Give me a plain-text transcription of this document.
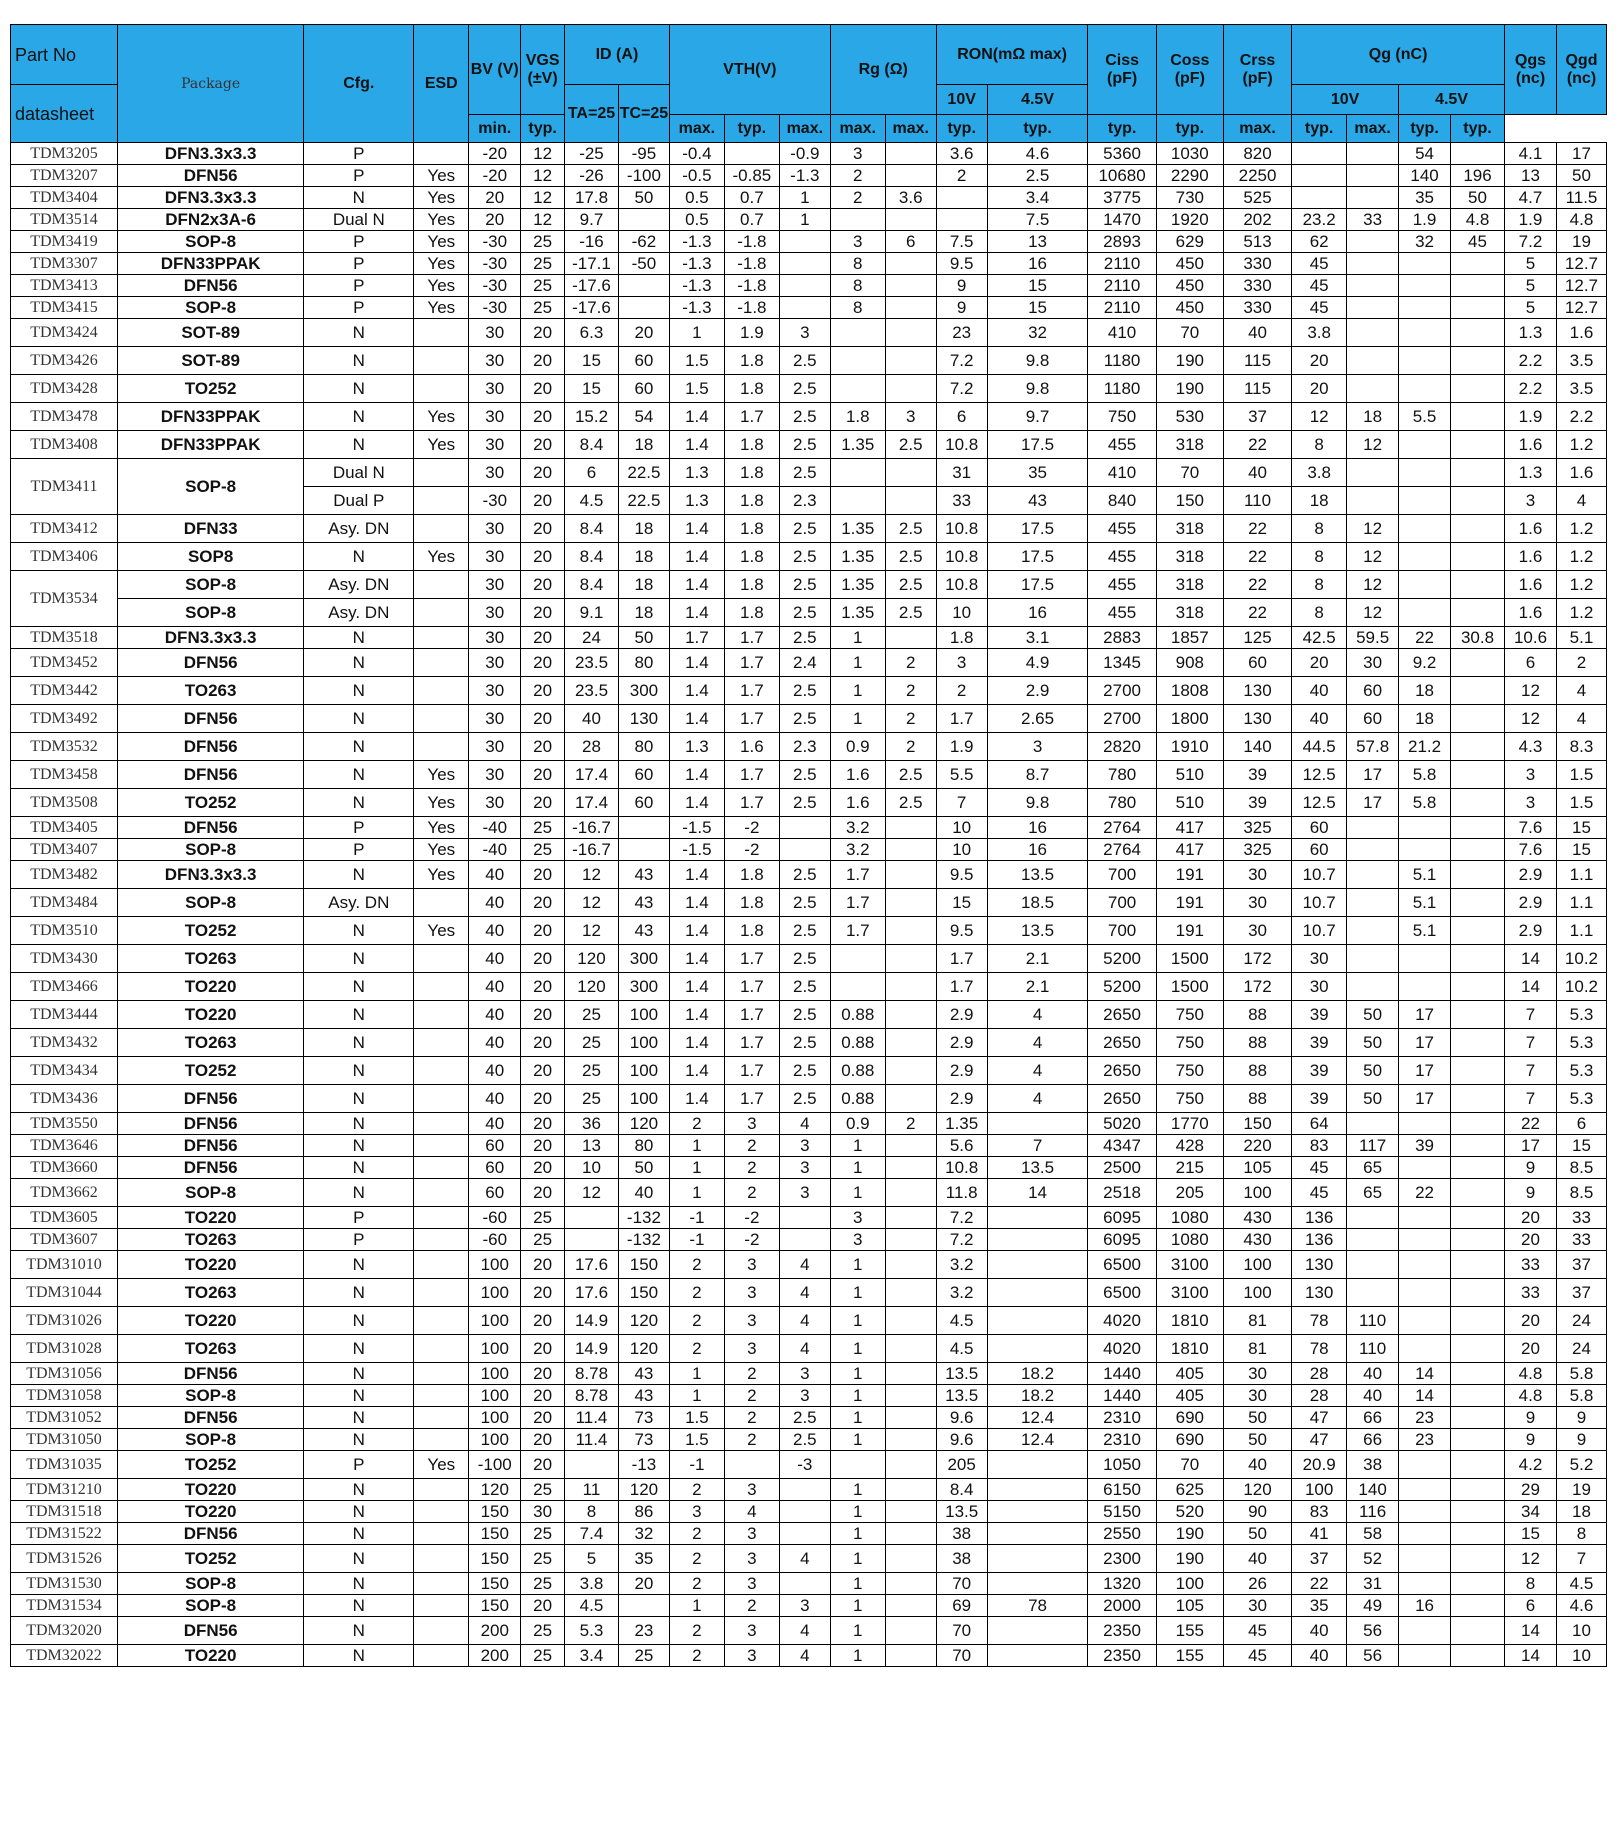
Part No	Package	Cfg.	ESD	BV (V)	VGS (±V)	ID (A)		VTH(V)			Rg (Ω)		RON(mΩ max)		Ciss (pF)	Coss (pF)	Crss (pF)	Qg (nC)				Qgs (nc)	Qgd (nc)
datasheet						TA=25	TC=25						10V	4.5V				10V		4.5V			
				min.	typ.			max.	typ.	max.	max.	max.	typ.	typ.	typ.	typ.	max.	typ.	max.	typ.	typ.		
TDM3205	DFN3.3x3.3	P		-20	12	-25	-95	-0.4		-0.9	3		3.6	4.6	5360	1030	820			54		4.1	17
TDM3207	DFN56	P	Yes	-20	12	-26	-100	-0.5	-0.85	-1.3	2		2	2.5	10680	2290	2250			140	196	13	50
TDM3404	DFN3.3x3.3	N	Yes	20	12	17.8	50	0.5	0.7	1	2	3.6		3.4	3775	730	525			35	50	4.7	11.5
TDM3514	DFN2x3A-6	Dual N	Yes	20	12	9.7		0.5	0.7	1				7.5	1470	1920	202	23.2	33	1.9	4.8	1.9	4.8
TDM3419	SOP-8	P	Yes	-30	25	-16	-62	-1.3	-1.8		3	6	7.5	13	2893	629	513	62		32	45	7.2	19
TDM3307	DFN33PPAK	P	Yes	-30	25	-17.1	-50	-1.3	-1.8		8		9.5	16	2110	450	330	45				5	12.7
TDM3413	DFN56	P	Yes	-30	25	-17.6		-1.3	-1.8		8		9	15	2110	450	330	45				5	12.7
TDM3415	SOP-8	P	Yes	-30	25	-17.6		-1.3	-1.8		8		9	15	2110	450	330	45				5	12.7
TDM3424	SOT-89	N		30	20	6.3	20	1	1.9	3			23	32	410	70	40	3.8				1.3	1.6
TDM3426	SOT-89	N		30	20	15	60	1.5	1.8	2.5			7.2	9.8	1180	190	115	20				2.2	3.5
TDM3428	TO252	N		30	20	15	60	1.5	1.8	2.5			7.2	9.8	1180	190	115	20				2.2	3.5
TDM3478	DFN33PPAK	N	Yes	30	20	15.2	54	1.4	1.7	2.5	1.8	3	6	9.7	750	530	37	12	18	5.5		1.9	2.2
TDM3408	DFN33PPAK	N	Yes	30	20	8.4	18	1.4	1.8	2.5	1.35	2.5	10.8	17.5	455	318	22	8	12			1.6	1.2
TDM3411	SOP-8	Dual N		30	20	6	22.5	1.3	1.8	2.5			31	35	410	70	40	3.8				1.3	1.6
		Dual P		-30	20	4.5	22.5	1.3	1.8	2.3			33	43	840	150	110	18				3	4
TDM3412	DFN33	Asy. DN		30	20	8.4	18	1.4	1.8	2.5	1.35	2.5	10.8	17.5	455	318	22	8	12			1.6	1.2
TDM3406	SOP8	N	Yes	30	20	8.4	18	1.4	1.8	2.5	1.35	2.5	10.8	17.5	455	318	22	8	12			1.6	1.2
TDM3534	SOP-8	Asy. DN		30	20	8.4	18	1.4	1.8	2.5	1.35	2.5	10.8	17.5	455	318	22	8	12			1.6	1.2
	SOP-8	Asy. DN		30	20	9.1	18	1.4	1.8	2.5	1.35	2.5	10	16	455	318	22	8	12			1.6	1.2
TDM3518	DFN3.3x3.3	N		30	20	24	50	1.7	1.7	2.5	1		1.8	3.1	2883	1857	125	42.5	59.5	22	30.8	10.6	5.1
TDM3452	DFN56	N		30	20	23.5	80	1.4	1.7	2.4	1	2	3	4.9	1345	908	60	20	30	9.2		6	2
TDM3442	TO263	N		30	20	23.5	300	1.4	1.7	2.5	1	2	2	2.9	2700	1808	130	40	60	18		12	4
TDM3492	DFN56	N		30	20	40	130	1.4	1.7	2.5	1	2	1.7	2.65	2700	1800	130	40	60	18		12	4
TDM3532	DFN56	N		30	20	28	80	1.3	1.6	2.3	0.9	2	1.9	3	2820	1910	140	44.5	57.8	21.2		4.3	8.3
TDM3458	DFN56	N	Yes	30	20	17.4	60	1.4	1.7	2.5	1.6	2.5	5.5	8.7	780	510	39	12.5	17	5.8		3	1.5
TDM3508	TO252	N	Yes	30	20	17.4	60	1.4	1.7	2.5	1.6	2.5	7	9.8	780	510	39	12.5	17	5.8		3	1.5
TDM3405	DFN56	P	Yes	-40	25	-16.7		-1.5	-2		3.2		10	16	2764	417	325	60				7.6	15
TDM3407	SOP-8	P	Yes	-40	25	-16.7		-1.5	-2		3.2		10	16	2764	417	325	60				7.6	15
TDM3482	DFN3.3x3.3	N	Yes	40	20	12	43	1.4	1.8	2.5	1.7		9.5	13.5	700	191	30	10.7		5.1		2.9	1.1
TDM3484	SOP-8	Asy. DN		40	20	12	43	1.4	1.8	2.5	1.7		15	18.5	700	191	30	10.7		5.1		2.9	1.1
TDM3510	TO252	N	Yes	40	20	12	43	1.4	1.8	2.5	1.7		9.5	13.5	700	191	30	10.7		5.1		2.9	1.1
TDM3430	TO263	N		40	20	120	300	1.4	1.7	2.5			1.7	2.1	5200	1500	172	30				14	10.2
TDM3466	TO220	N		40	20	120	300	1.4	1.7	2.5			1.7	2.1	5200	1500	172	30				14	10.2
TDM3444	TO220	N		40	20	25	100	1.4	1.7	2.5	0.88		2.9	4	2650	750	88	39	50	17		7	5.3
TDM3432	TO263	N		40	20	25	100	1.4	1.7	2.5	0.88		2.9	4	2650	750	88	39	50	17		7	5.3
TDM3434	TO252	N		40	20	25	100	1.4	1.7	2.5	0.88		2.9	4	2650	750	88	39	50	17		7	5.3
TDM3436	DFN56	N		40	20	25	100	1.4	1.7	2.5	0.88		2.9	4	2650	750	88	39	50	17		7	5.3
TDM3550	DFN56	N		40	20	36	120	2	3	4	0.9	2	1.35		5020	1770	150	64				22	6
TDM3646	DFN56	N		60	20	13	80	1	2	3	1		5.6	7	4347	428	220	83	117	39		17	15
TDM3660	DFN56	N		60	20	10	50	1	2	3	1		10.8	13.5	2500	215	105	45	65			9	8.5
TDM3662	SOP-8	N		60	20	12	40	1	2	3	1		11.8	14	2518	205	100	45	65	22		9	8.5
TDM3605	TO220	P		-60	25		-132	-1	-2		3		7.2		6095	1080	430	136				20	33
TDM3607	TO263	P		-60	25		-132	-1	-2		3		7.2		6095	1080	430	136				20	33
TDM31010	TO220	N		100	20	17.6	150	2	3	4	1		3.2		6500	3100	100	130				33	37
TDM31044	TO263	N		100	20	17.6	150	2	3	4	1		3.2		6500	3100	100	130				33	37
TDM31026	TO220	N		100	20	14.9	120	2	3	4	1		4.5		4020	1810	81	78	110			20	24
TDM31028	TO263	N		100	20	14.9	120	2	3	4	1		4.5		4020	1810	81	78	110			20	24
TDM31056	DFN56	N		100	20	8.78	43	1	2	3	1		13.5	18.2	1440	405	30	28	40	14		4.8	5.8
TDM31058	SOP-8	N		100	20	8.78	43	1	2	3	1		13.5	18.2	1440	405	30	28	40	14		4.8	5.8
TDM31052	DFN56	N		100	20	11.4	73	1.5	2	2.5	1		9.6	12.4	2310	690	50	47	66	23		9	9
TDM31050	SOP-8	N		100	20	11.4	73	1.5	2	2.5	1		9.6	12.4	2310	690	50	47	66	23		9	9
TDM31035	TO252	P	Yes	-100	20		-13	-1		-3			205		1050	70	40	20.9	38			4.2	5.2
TDM31210	TO220	N		120	25	11	120	2	3		1		8.4		6150	625	120	100	140			29	19
TDM31518	TO220	N		150	30	8	86	3	4		1		13.5		5150	520	90	83	116			34	18
TDM31522	DFN56	N		150	25	7.4	32	2	3		1		38		2550	190	50	41	58			15	8
TDM31526	TO252	N		150	25	5	35	2	3	4	1		38		2300	190	40	37	52			12	7
TDM31530	SOP-8	N		150	25	3.8	20	2	3		1		70		1320	100	26	22	31			8	4.5
TDM31534	SOP-8	N		150	20	4.5		1	2	3	1		69	78	2000	105	30	35	49	16		6	4.6
TDM32020	DFN56	N		200	25	5.3	23	2	3	4	1		70		2350	155	45	40	56			14	10
TDM32022	TO220	N		200	25	3.4	25	2	3	4	1		70		2350	155	45	40	56			14	10
